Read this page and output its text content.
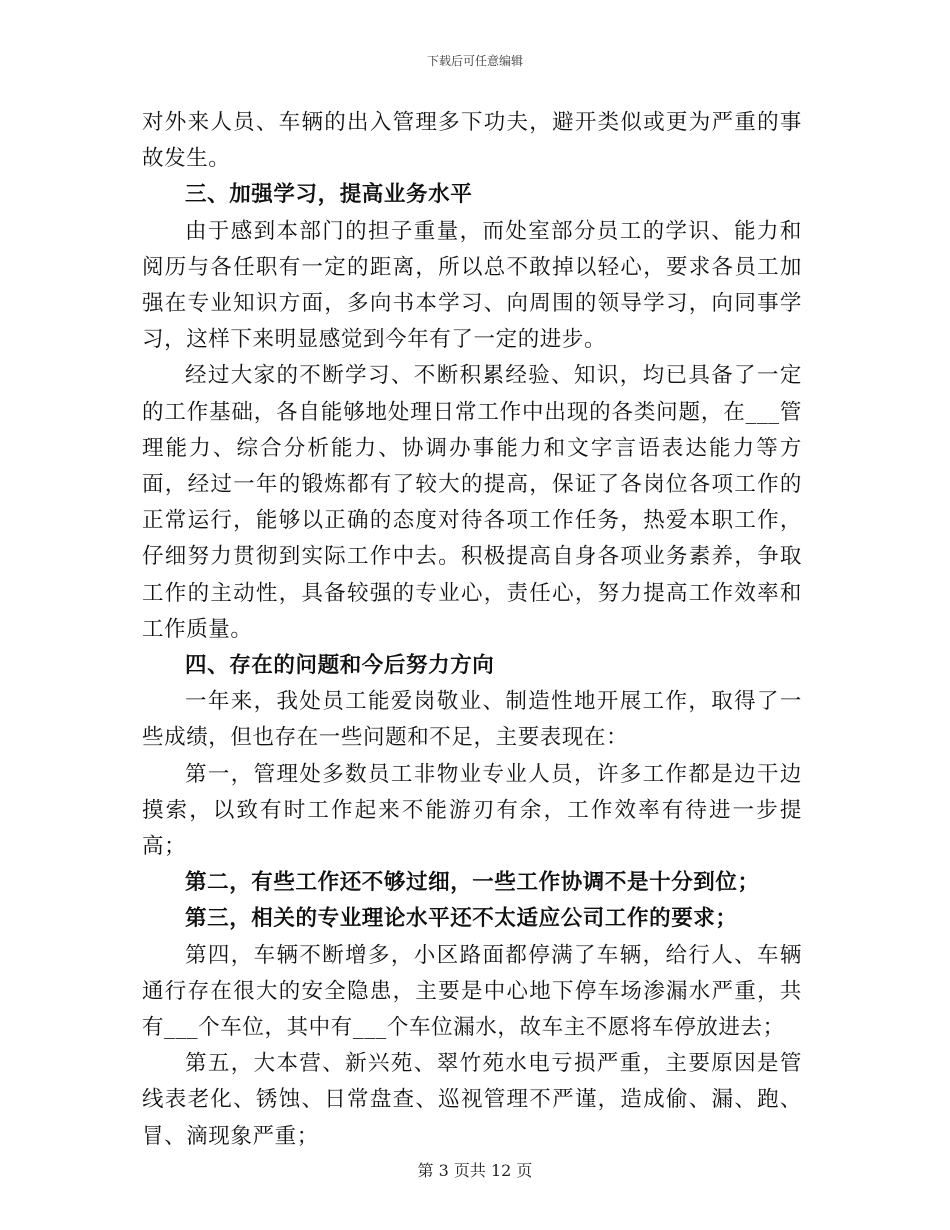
下载后可任意编辑

对外来人员、车辆的出入管理多下功夫，避开类似或更为严重的事故发生。

三、加强学习，提高业务水平

由于感到本部门的担子重量，而处室部分员工的学识、能力和阅历与各任职有一定的距离，所以总不敢掉以轻心，要求各员工加强在专业知识方面，多向书本学习、向周围的领导学习，向同事学习，这样下来明显感觉到今年有了一定的进步。

经过大家的不断学习、不断积累经验、知识，均已具备了一定的工作基础，各自能够地处理日常工作中出现的各类问题，在___管理能力、综合分析能力、协调办事能力和文字言语表达能力等方面，经过一年的锻炼都有了较大的提高，保证了各岗位各项工作的正常运行，能够以正确的态度对待各项工作任务，热爱本职工作，仔细努力贯彻到实际工作中去。积极提高自身各项业务素养，争取工作的主动性，具备较强的专业心，责任心，努力提高工作效率和工作质量。

四、存在的问题和今后努力方向

一年来，我处员工能爱岗敬业、制造性地开展工作，取得了一些成绩，但也存在一些问题和不足，主要表现在：

第一，管理处多数员工非物业专业人员，许多工作都是边干边摸索，以致有时工作起来不能游刃有余，工作效率有待进一步提高；

第二，有些工作还不够过细，一些工作协调不是十分到位；

第三，相关的专业理论水平还不太适应公司工作的要求；

第四，车辆不断增多，小区路面都停满了车辆，给行人、车辆通行存在很大的安全隐患，主要是中心地下停车场渗漏水严重，共有___个车位，其中有___个车位漏水，故车主不愿将车停放进去；

第五，大本营、新兴苑、翠竹苑水电亏损严重，主要原因是管线表老化、锈蚀、日常盘查、巡视管理不严谨，造成偷、漏、跑、冒、滴现象严重；

第 3 页共 12 页
